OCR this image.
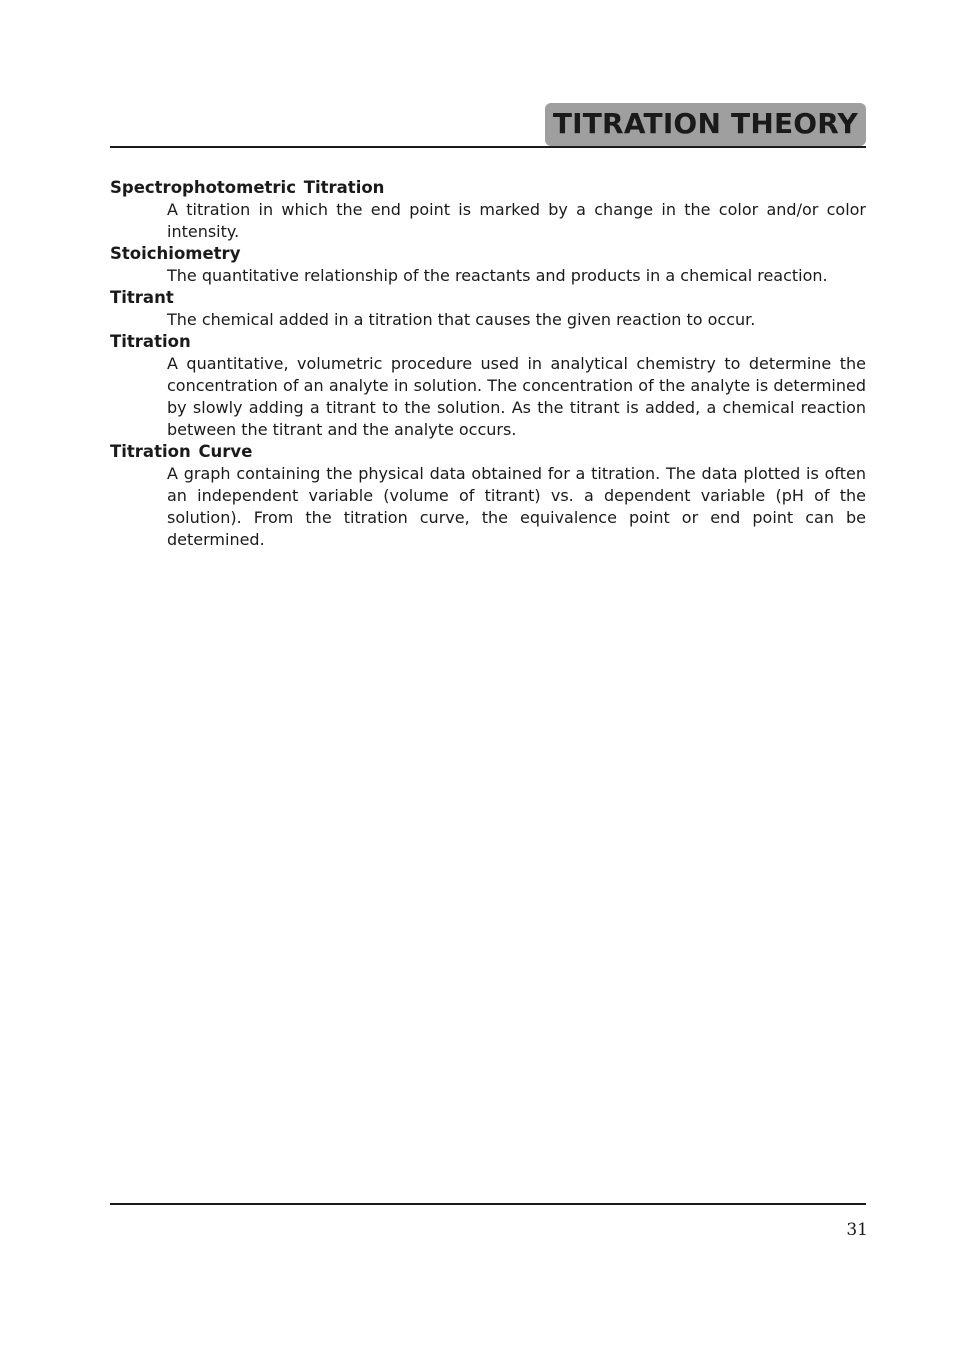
TITRATION THEORY
Spectrophotometric Titration
A titration in which the end point is marked by a change in the color and/or color intensity.
Stoichiometry
The quantitative relationship of the reactants and products in a chemical reaction.
Titrant
The chemical added in a titration that causes the given reaction to occur.
Titration
A quantitative, volumetric procedure used in analytical chemistry to determine the concentration of an analyte in solution. The concentration of the analyte is determined by slowly adding a titrant to the solution. As the titrant is added, a chemical reaction between the titrant and the analyte occurs.
Titration Curve
A graph containing the physical data obtained for a titration. The data plotted is often an independent variable (volume of titrant) vs. a dependent variable (pH of the solution). From the titration curve, the equivalence point or end point can be determined.
31
